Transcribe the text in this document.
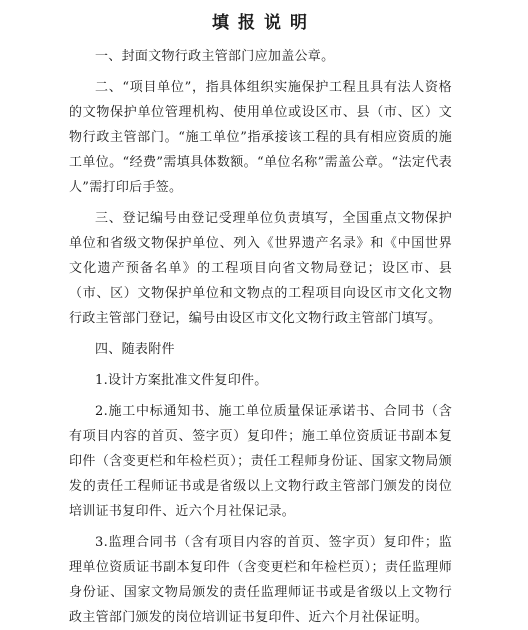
填报说明

一、封面文物行政主管部门应加盖公章。

二、“项目单位”，指具体组织实施保护工程且具有法人资格的文物保护单位管理机构、使用单位或设区市、县（市、区）文物行政主管部门。“施工单位”指承接该工程的具有相应资质的施工单位。“经费”需填具体数额。“单位名称”需盖公章。“法定代表人”需打印后手签。

三、登记编号由登记受理单位负责填写，全国重点文物保护单位和省级文物保护单位、列入《世界遗产名录》和《中国世界文化遗产预备名单》的工程项目向省文物局登记；设区市、县（市、区）文物保护单位和文物点的工程项目向设区市文化文物行政主管部门登记，编号由设区市文化文物行政主管部门填写。

四、随表附件

1.设计方案批准文件复印件。

2.施工中标通知书、施工单位质量保证承诺书、合同书（含有项目内容的首页、签字页）复印件；施工单位资质证书副本复印件（含变更栏和年检栏页）；责任工程师身份证、国家文物局颁发的责任工程师证书或是省级以上文物行政主管部门颁发的岗位培训证书复印件、近六个月社保记录。

3.监理合同书（含有项目内容的首页、签字页）复印件；监理单位资质证书副本复印件（含变更栏和年检栏页）；责任监理师身份证、国家文物局颁发的责任监理师证书或是省级以上文物行政主管部门颁发的岗位培训证书复印件、近六个月社保证明。
